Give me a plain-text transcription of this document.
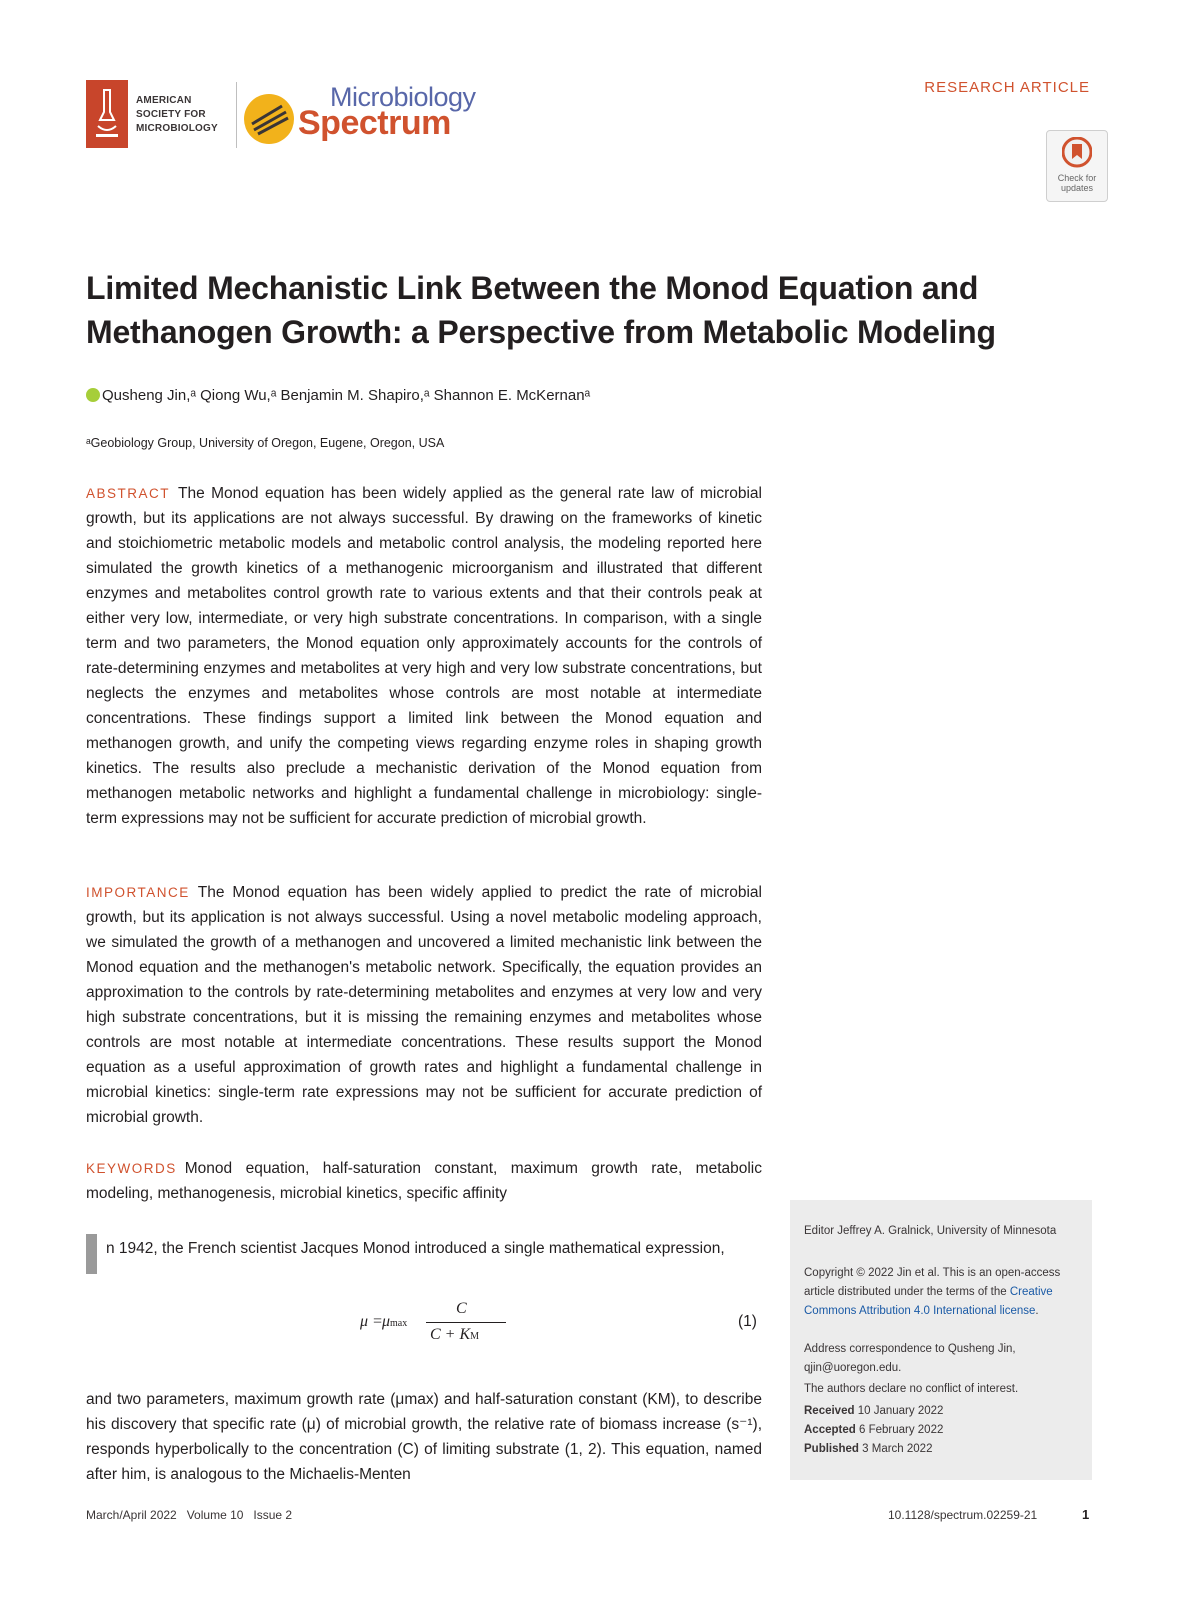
AMERICAN
SOCIETY FOR
MICROBIOLOGY
Microbiology
Spectrum
RESEARCH ARTICLE
Check for updates
Limited Mechanistic Link Between the Monod Equation and Methanogen Growth: a Perspective from Metabolic Modeling
Qusheng Jin,ᵃ Qiong Wu,ᵃ Benjamin M. Shapiro,ᵃ Shannon E. McKernanᵃ
ᵃGeobiology Group, University of Oregon, Eugene, Oregon, USA
ABSTRACT The Monod equation has been widely applied as the general rate law of microbial growth, but its applications are not always successful. By drawing on the frameworks of kinetic and stoichiometric metabolic models and metabolic control analysis, the modeling reported here simulated the growth kinetics of a methanogenic microorganism and illustrated that different enzymes and metabolites control growth rate to various extents and that their controls peak at either very low, intermediate, or very high substrate concentrations. In comparison, with a single term and two parameters, the Monod equation only approximately accounts for the controls of rate-determining enzymes and metabolites at very high and very low substrate concentrations, but neglects the enzymes and metabolites whose controls are most notable at intermediate concentrations. These findings support a limited link between the Monod equation and methanogen growth, and unify the competing views regarding enzyme roles in shaping growth kinetics. The results also preclude a mechanistic derivation of the Monod equation from methanogen metabolic networks and highlight a fundamental challenge in microbiology: single-term expressions may not be sufficient for accurate prediction of microbial growth.
IMPORTANCE The Monod equation has been widely applied to predict the rate of microbial growth, but its application is not always successful. Using a novel metabolic modeling approach, we simulated the growth of a methanogen and uncovered a limited mechanistic link between the Monod equation and the methanogen's metabolic network. Specifically, the equation provides an approximation to the controls by rate-determining metabolites and enzymes at very low and very high substrate concentrations, but it is missing the remaining enzymes and metabolites whose controls are most notable at intermediate concentrations. These results support the Monod equation as a useful approximation of growth rates and highlight a fundamental challenge in microbial kinetics: single-term rate expressions may not be sufficient for accurate prediction of microbial growth.
KEYWORDS Monod equation, half-saturation constant, maximum growth rate, metabolic modeling, methanogenesis, microbial kinetics, specific affinity
n 1942, the French scientist Jacques Monod introduced a single mathematical expression,
μ = μmax
C
C + KM
(1)
and two parameters, maximum growth rate (μmax) and half-saturation constant (KM), to describe his discovery that specific rate (μ) of microbial growth, the relative rate of biomass increase (s⁻¹), responds hyperbolically to the concentration (C) of limiting substrate (1, 2). This equation, named after him, is analogous to the Michaelis-Menten
Editor Jeffrey A. Gralnick, University of Minnesota
Copyright © 2022 Jin et al. This is an open-access article distributed under the terms of the Creative Commons Attribution 4.0 International license.
Address correspondence to Qusheng Jin, qjin@uoregon.edu.
The authors declare no conflict of interest.
Received 10 January 2022
Accepted 6 February 2022
Published 3 March 2022
March/April 2022   Volume 10   Issue 2	10.1128/spectrum.02259-21	1
